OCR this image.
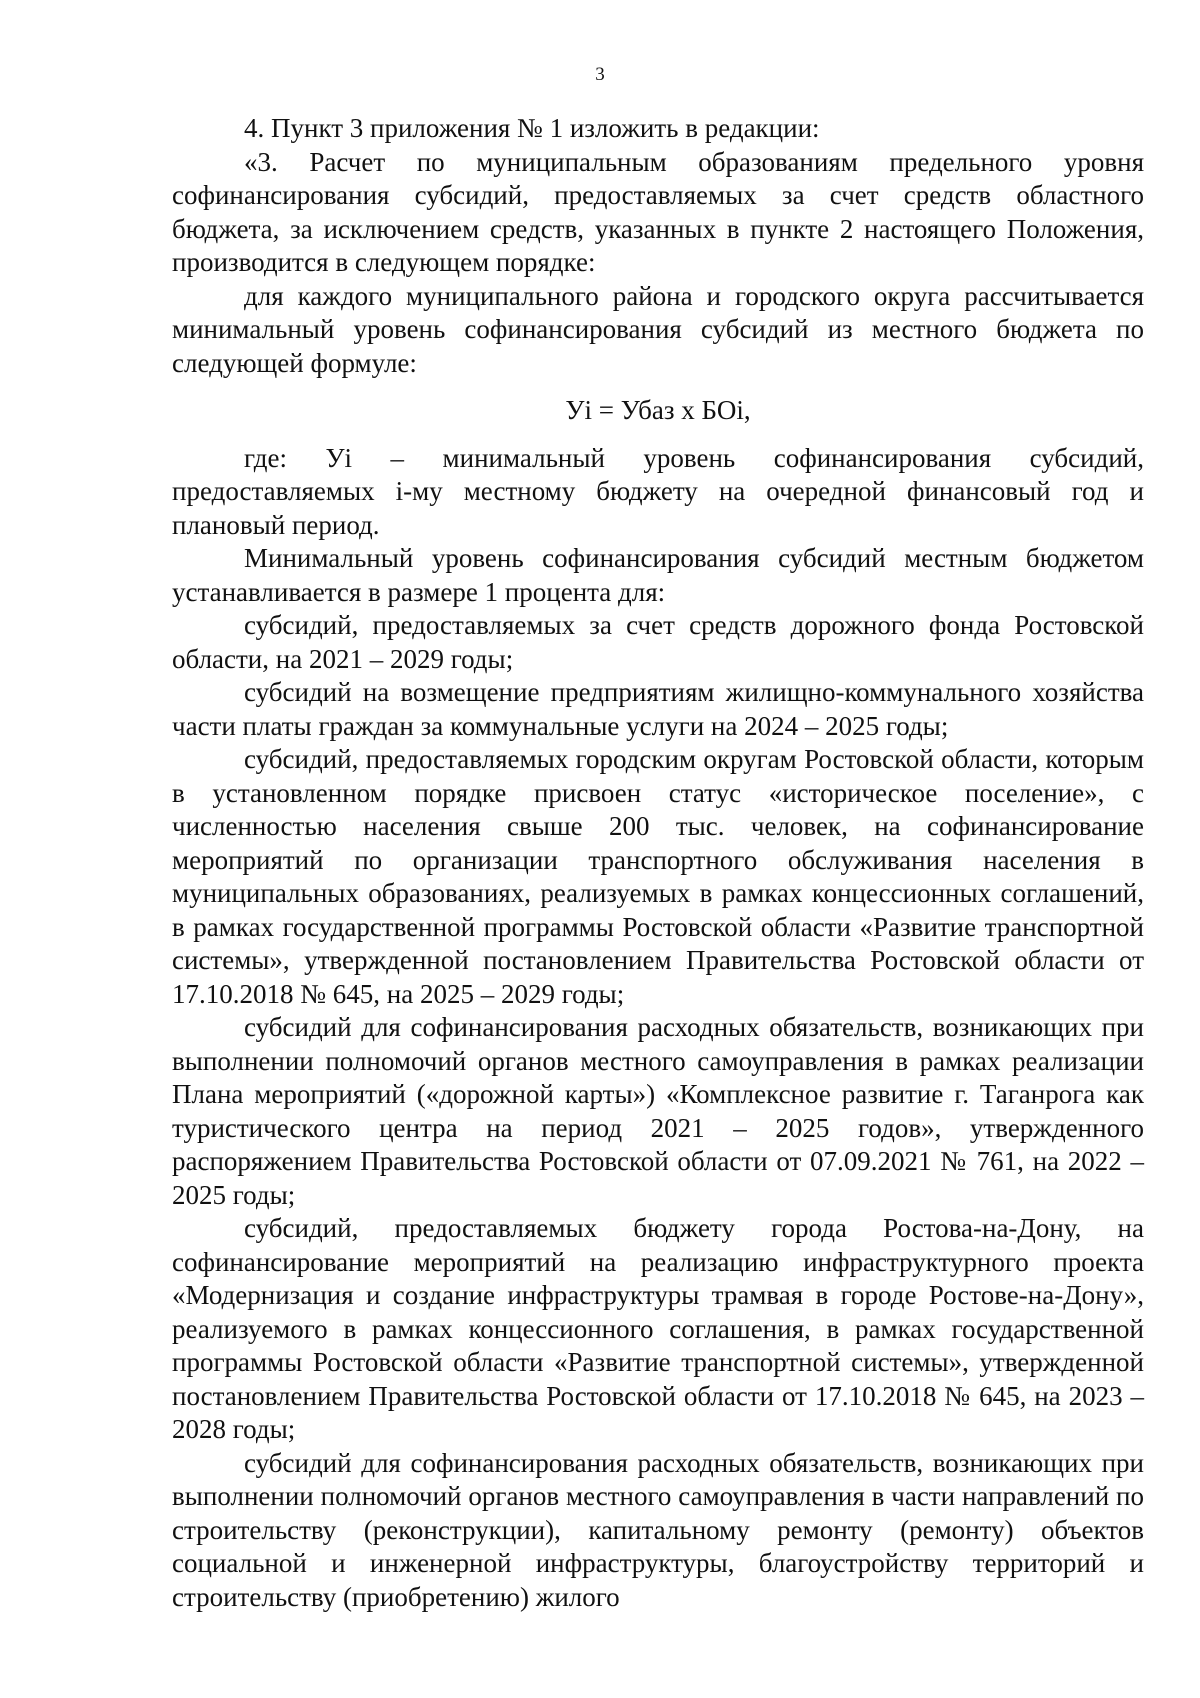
3

4. Пункт 3 приложения № 1 изложить в редакции:

«3. Расчет по муниципальным образованиям предельного уровня софинансирования субсидий, предоставляемых за счет средств областного бюджета, за исключением средств, указанных в пункте 2 настоящего Положения, производится в следующем порядке:

для каждого муниципального района и городского округа рассчитывается минимальный уровень софинансирования субсидий из местного бюджета по следующей формуле:

Уi = Убаз x БОi,

где: Уi – минимальный уровень софинансирования субсидий, предоставляемых i-му местному бюджету на очередной финансовый год и плановый период.

Минимальный уровень софинансирования субсидий местным бюджетом устанавливается в размере 1 процента для:

субсидий, предоставляемых за счет средств дорожного фонда Ростовской области, на 2021 – 2029 годы;

субсидий на возмещение предприятиям жилищно-коммунального хозяйства части платы граждан за коммунальные услуги на 2024 – 2025 годы;

субсидий, предоставляемых городским округам Ростовской области, которым в установленном порядке присвоен статус «историческое поселение», с численностью населения свыше 200 тыс. человек, на софинансирование мероприятий по организации транспортного обслуживания населения в муниципальных образованиях, реализуемых в рамках концессионных соглашений, в рамках государственной программы Ростовской области «Развитие транспортной системы», утвержденной постановлением Правительства Ростовской области от 17.10.2018 № 645, на 2025 – 2029 годы;

субсидий для софинансирования расходных обязательств, возникающих при выполнении полномочий органов местного самоуправления в рамках реализации Плана мероприятий («дорожной карты») «Комплексное развитие г. Таганрога как туристического центра на период 2021 – 2025 годов», утвержденного распоряжением Правительства Ростовской области от 07.09.2021 № 761, на 2022 – 2025 годы;

субсидий, предоставляемых бюджету города Ростова-на-Дону, на софинансирование мероприятий на реализацию инфраструктурного проекта «Модернизация и создание инфраструктуры трамвая в городе Ростове-на-Дону», реализуемого в рамках концессионного соглашения, в рамках государственной программы Ростовской области «Развитие транспортной системы», утвержденной постановлением Правительства Ростовской области от 17.10.2018 № 645, на 2023 – 2028 годы;

субсидий для софинансирования расходных обязательств, возникающих при выполнении полномочий органов местного самоуправления в части направлений по строительству (реконструкции), капитальному ремонту (ремонту) объектов социальной и инженерной инфраструктуры, благоустройству территорий и строительству (приобретению) жилого
